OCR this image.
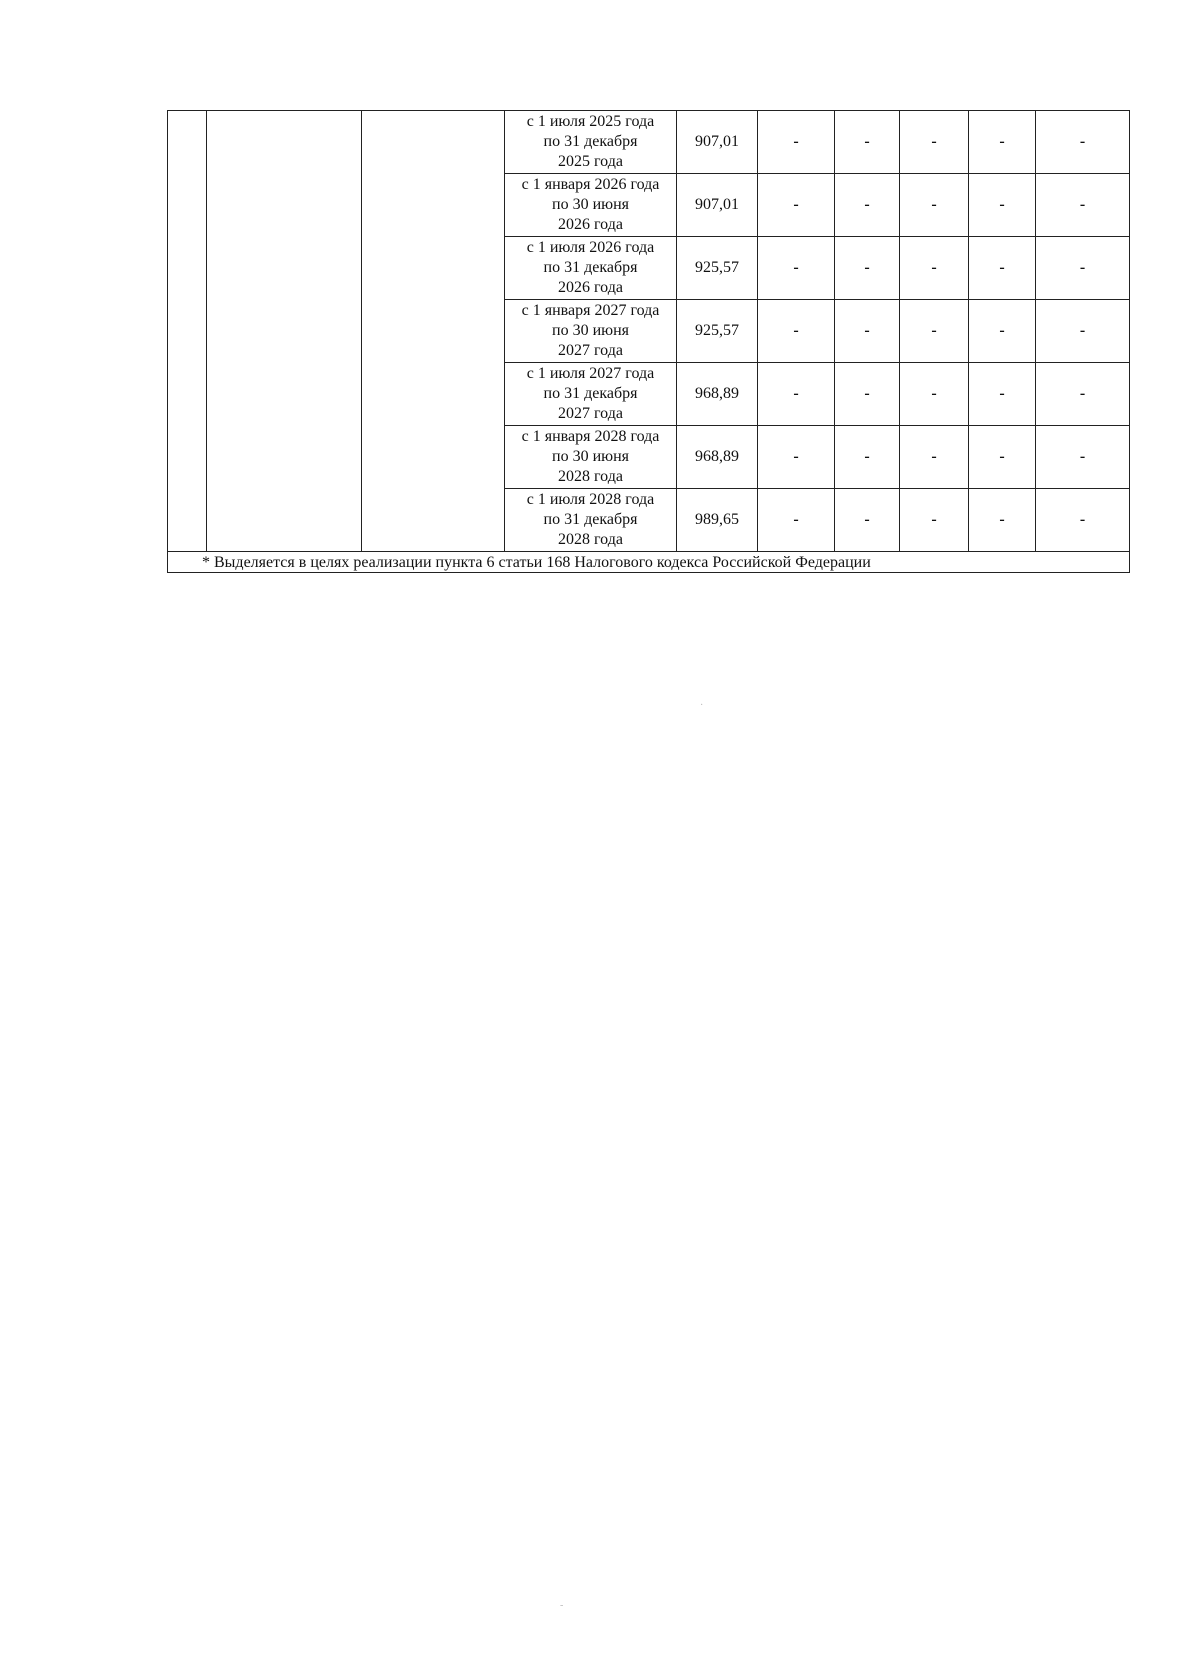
			с 1 июля 2025 года
по 31 декабря
2025 года	907,01	-	-	-	-	-

			с 1 января 2026 года
по 30 июня
2026 года	907,01	-	-	-	-	-

			с 1 июля 2026 года
по 31 декабря
2026 года	925,57	-	-	-	-	-

			с 1 января 2027 года
по 30 июня
2027 года	925,57	-	-	-	-	-

			с 1 июля 2027 года
по 31 декабря
2027 года	968,89	-	-	-	-	-

			с 1 января 2028 года
по 30 июня
2028 года	968,89	-	-	-	-	-

			с 1 июля 2028 года
по 31 декабря
2028 года	989,65	-	-	-	-	-

* Выделяется в целях реализации пункта 6 статьи 168 Налогового кодекса Российской Федерации									
·
-
